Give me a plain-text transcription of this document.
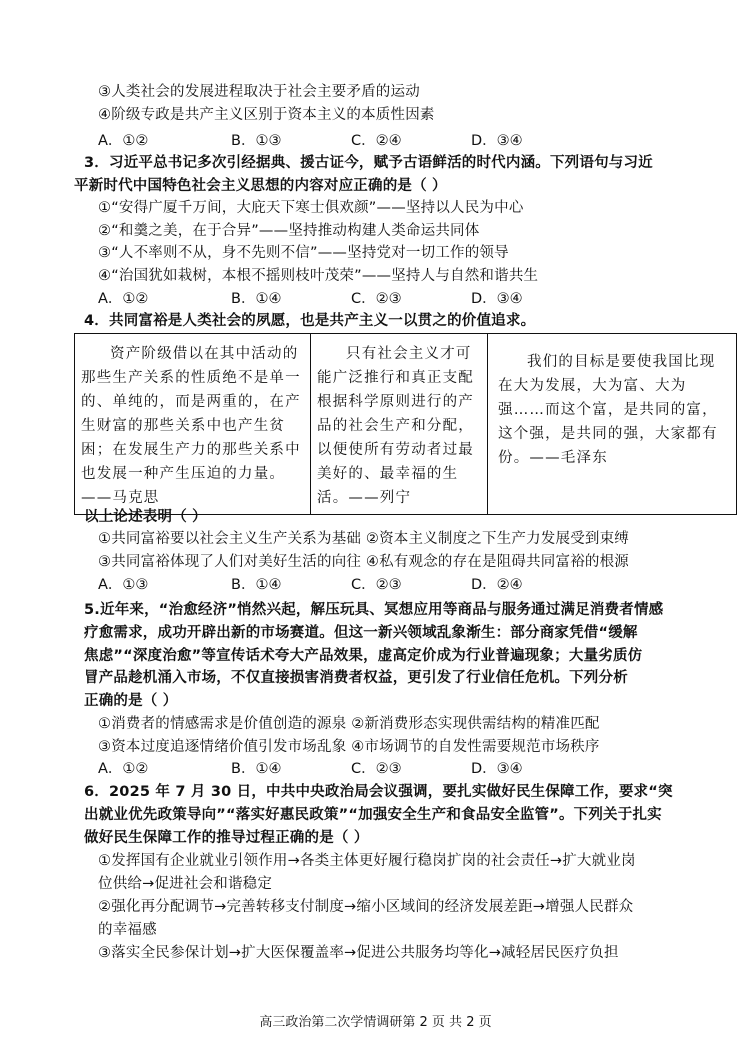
③人类社会的发展进程取决于社会主要矛盾的运动
④阶级专政是共产主义区别于资本主义的本质性因素
A．①②	B．①③	C．②④	D．③④
3．习近平总书记多次引经据典、援古证今，赋予古语鲜活的时代内涵。下列语句与习近
平新时代中国特色社会主义思想的内容对应正确的是（ ）
①“安得广厦千万间，大庇天下寒士俱欢颜”——坚持以人民为中心
②“和羹之美，在于合异”——坚持推动构建人类命运共同体
③“人不率则不从，身不先则不信”——坚持党对一切工作的领导
④“治国犹如栽树，本根不摇则枝叶茂荣”——坚持人与自然和谐共生
A．①②	B．①④	C．②③	D．③④
4．共同富裕是人类社会的夙愿，也是共产主义一以贯之的价值追求。
资产阶级借以在其中活动的那些生产关系的性质绝不是单一的、单纯的，而是两重的，在产生财富的那些关系中也产生贫困；在发展生产力的那些关系中也发展一种产生压迫的力量。——马克思

只有社会主义才可能广泛推行和真正支配根据科学原则进行的产品的社会生产和分配，以便使所有劳动者过最美好的、最幸福的生活。——列宁

我们的目标是要使我国比现在大为发展，大为富、大为强……而这个富，是共同的富，这个强，是共同的强，大家都有份。——毛泽东
以上论述表明（ ）
①共同富裕要以社会主义生产关系为基础 ②资本主义制度之下生产力发展受到束缚
③共同富裕体现了人们对美好生活的向往 ④私有观念的存在是阻碍共同富裕的根源
A．①③	B．①④	C．②③	D．②④
5.近年来，“治愈经济”悄然兴起，解压玩具、冥想应用等商品与服务通过满足消费者情感
疗愈需求，成功开辟出新的市场赛道。但这一新兴领域乱象渐生：部分商家凭借“缓解
焦虑”“深度治愈”等宣传话术夸大产品效果，虚高定价成为行业普遍现象；大量劣质仿
冒产品趁机涌入市场，不仅直接损害消费者权益，更引发了行业信任危机。下列分析
正确的是（ ）
①消费者的情感需求是价值创造的源泉 ②新消费形态实现供需结构的精准匹配
③资本过度追逐情绪价值引发市场乱象 ④市场调节的自发性需要规范市场秩序
A．①②	B．①④	C．②③	D．③④
6．2025 年 7 月 30 日，中共中央政治局会议强调，要扎实做好民生保障工作，要求“突
出就业优先政策导向”“落实好惠民政策”“加强安全生产和食品安全监管”。下列关于扎实
做好民生保障工作的推导过程正确的是（ ）
①发挥国有企业就业引领作用→各类主体更好履行稳岗扩岗的社会责任→扩大就业岗
位供给→促进社会和谐稳定
②强化再分配调节→完善转移支付制度→缩小区域间的经济发展差距→增强人民群众
的幸福感
③落实全民参保计划→扩大医保覆盖率→促进公共服务均等化→减轻居民医疗负担
高三政治第二次学情调研第 2 页 共 2 页
